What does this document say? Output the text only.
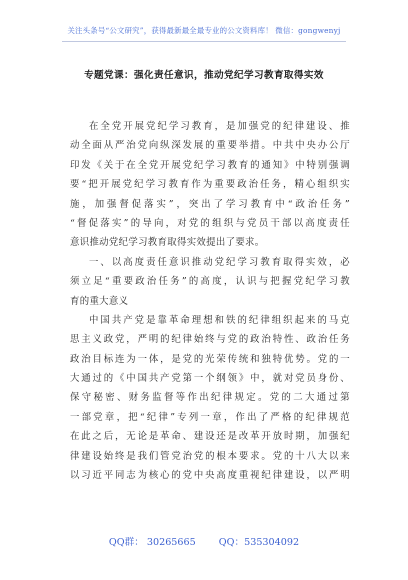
关注头条号“公文研究”，获得最新最全最专业的公文资料库！ 微信：gongwenyj
专题党课：强化责任意识，推动党纪学习教育取得实效
在全党开展党纪学习教育，是加强党的纪律建设、推
动全面从严治党向纵深发展的重要举措。中共中央办公厅
印发《关于在全党开展党纪学习教育的通知》中特别强调
要“把开展党纪学习教育作为重要政治任务，精心组织实
施，加强督促落实”，突出了学习教育中“政治任务”
“督促落实”的导向，对党的组织与党员干部以高度责任
意识推动党纪学习教育取得实效提出了要求。
一、以高度责任意识推动党纪学习教育取得实效，必
须立足“重要政治任务”的高度，认识与把握党纪学习教
育的重大意义
中国共产党是靠革命理想和铁的纪律组织起来的马克
思主义政党，严明的纪律始终与党的政治特性、政治任务
政治目标连为一体，是党的光荣传统和独特优势。党的一
大通过的《中国共产党第一个纲领》中，就对党员身份、
保守秘密、财务监督等作出纪律规定。党的二大通过第
一部党章，把“纪律”专列一章，作出了严格的纪律规范
在此之后，无论是革命、建设还是改革开放时期，加强纪
律建设始终是我们管党治党的根本要求。党的十八大以来
以习近平同志为核心的党中央高度重视纪律建设，以严明
QQ群： 30265665 QQ：535304092
